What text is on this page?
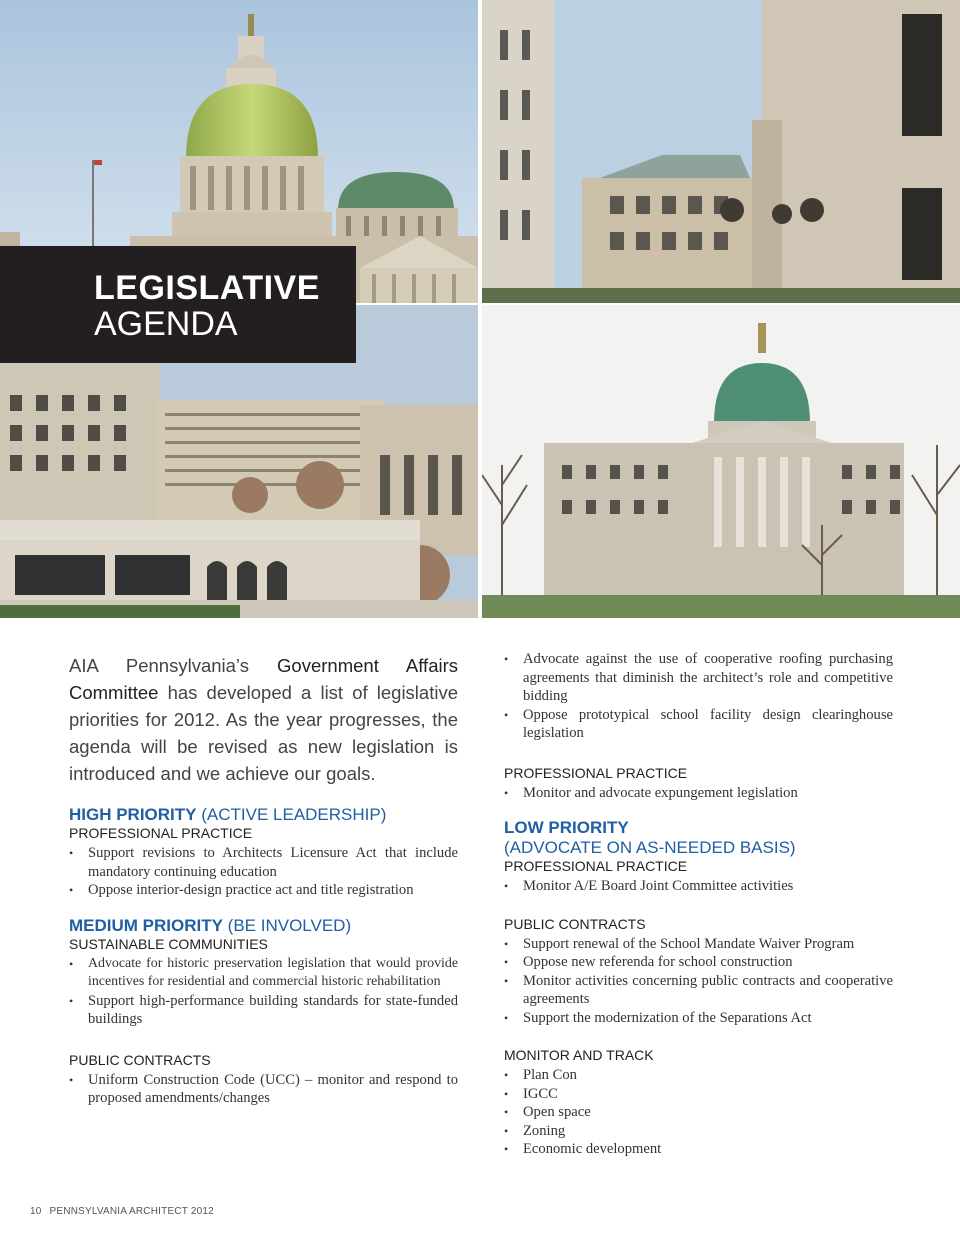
LEGISLATIVE
AGENDA

AIA Pennsylvania’s Government Affairs Committee has developed a list of legislative priorities for 2012. As the year progresses, the agenda will be revised as new legislation is introduced and we achieve our goals.

HIGH PRIORITY (ACTIVE LEADERSHIP)

PROFESSIONAL PRACTICE

• Support revisions to Architects Licensure Act that include mandatory continuing education
• Oppose interior-design practice act and title registration

MEDIUM PRIORITY (BE INVOLVED)

SUSTAINABLE COMMUNITIES

• Advocate for historic preservation legislation that would provide incentives for residential and commercial historic rehabilitation
• Support high-performance building standards for state-funded buildings

PUBLIC CONTRACTS

• Uniform Construction Code (UCC) – monitor and respond to proposed amendments/changes
• Advocate against the use of cooperative roofing purchasing agreements that diminish the architect’s role and competitive bidding
• Oppose prototypical school facility design clearinghouse legislation

PROFESSIONAL PRACTICE

• Monitor and advocate expungement legislation

LOW PRIORITY

(ADVOCATE ON AS-NEEDED BASIS)

PROFESSIONAL PRACTICE

• Monitor A/E Board Joint Committee activities

PUBLIC CONTRACTS

• Support renewal of the School Mandate Waiver Program
• Oppose new referenda for school construction
• Monitor activities concerning public contracts and cooperative agreements
• Support the modernization of the Separations Act

MONITOR AND TRACK

• Plan Con
• IGCC
• Open space
• Zoning
• Economic development
10 PENNSYLVANIA ARCHITECT 2012
